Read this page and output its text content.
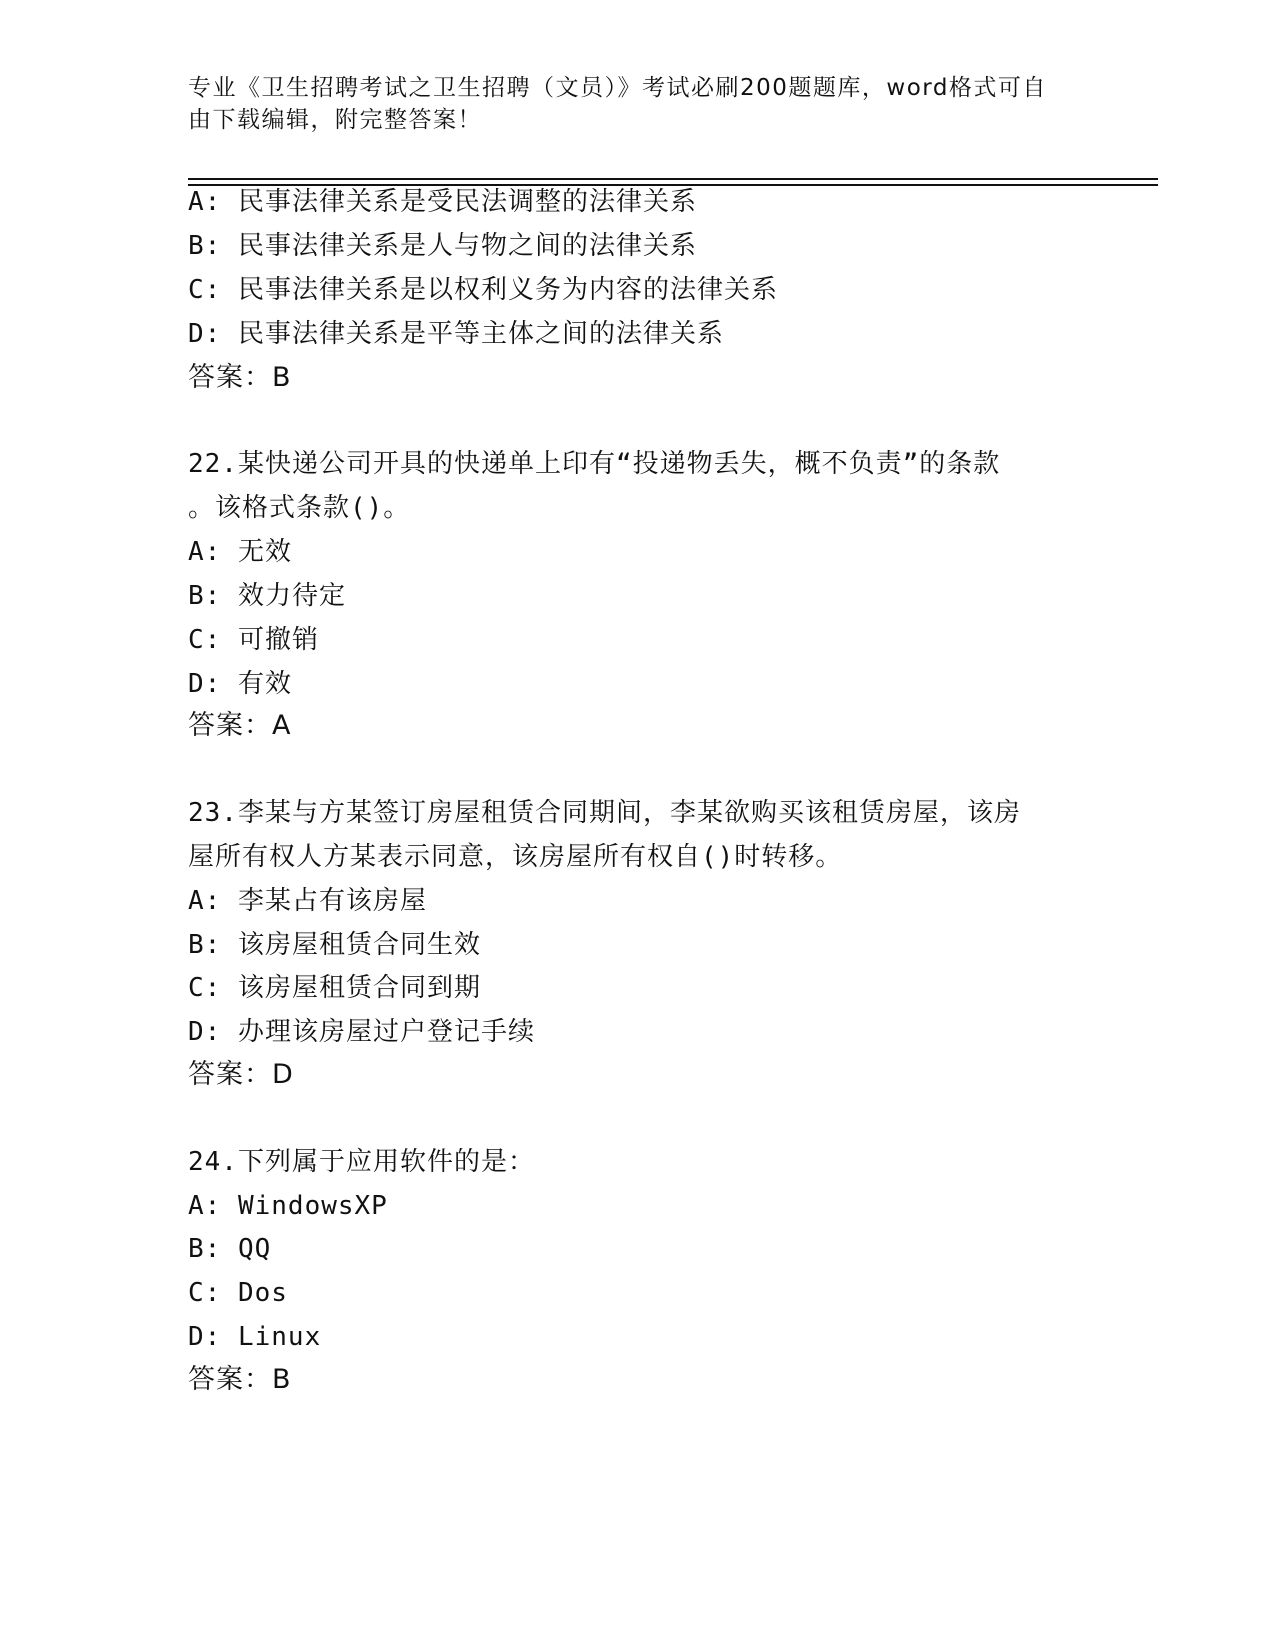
专业《卫生招聘考试之卫生招聘（文员）》考试必刷200题题库，word格式可自由下载编辑，附完整答案！
A: 民事法律关系是受民法调整的法律关系
B: 民事法律关系是人与物之间的法律关系
C: 民事法律关系是以权利义务为内容的法律关系
D: 民事法律关系是平等主体之间的法律关系
答案：B
22.某快递公司开具的快递单上印有“投递物丢失，概不负责”的条款
。该格式条款()。
A: 无效
B: 效力待定
C: 可撤销
D: 有效
答案：A
23.李某与方某签订房屋租赁合同期间，李某欲购买该租赁房屋，该房
屋所有权人方某表示同意，该房屋所有权自()时转移。
A: 李某占有该房屋
B: 该房屋租赁合同生效
C: 该房屋租赁合同到期
D: 办理该房屋过户登记手续
答案：D
24.下列属于应用软件的是：
A: WindowsXP
B: QQ
C: Dos
D: Linux
答案：B
